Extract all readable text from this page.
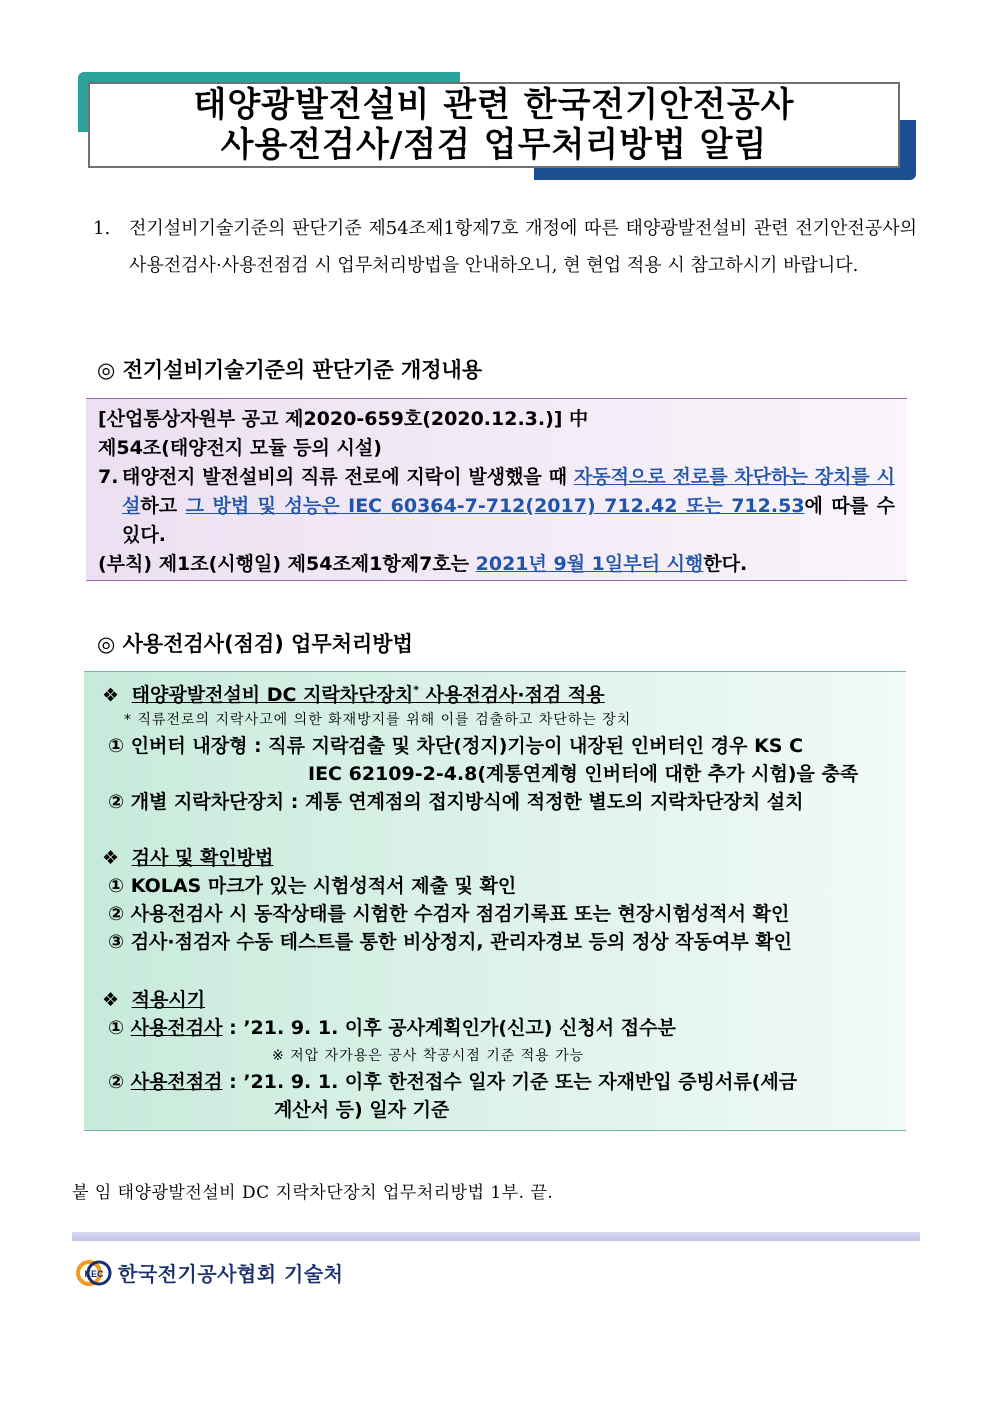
태양광발전설비 관련 한국전기안전공사
사용전검사/점검 업무처리방법 알림
1. 전기설비기술기준의 판단기준 제54조제1항제7호 개정에 따른 태양광발전설비 관련 전기안전공사의 사용전검사·사용전점검 시 업무처리방법을 안내하오니, 현 현업 적용 시 참고하시기 바랍니다.
◎ 전기설비기술기준의 판단기준 개정내용
[산업통상자원부 공고 제2020-659호(2020.12.3.)] 中
제54조(태양전지 모듈 등의 시설)
7. 태양전지 발전설비의 직류 전로에 지락이 발생했을 때 자동적으로 전로를 차단하는 장치를 시설하고 그 방법 및 성능은 IEC 60364-7-712(2017) 712.42 또는 712.53에 따를 수 있다.
(부칙) 제1조(시행일) 제54조제1항제7호는 2021년 9월 1일부터 시행한다.
◎ 사용전검사(점검) 업무처리방법
❖ 태양광발전설비 DC 지락차단장치* 사용전검사·점검 적용
* 직류전로의 지락사고에 의한 화재방지를 위해 이를 검출하고 차단하는 장치
① 인버터 내장형 : 직류 지락검출 및 차단(정지)기능이 내장된 인버터인 경우 KS C
IEC 62109-2-4.8(계통연계형 인버터에 대한 추가 시험)을 충족
② 개별 지락차단장치 : 계통 연계점의 접지방식에 적정한 별도의 지락차단장치 설치
❖ 검사 및 확인방법
① KOLAS 마크가 있는 시험성적서 제출 및 확인
② 사용전검사 시 동작상태를 시험한 수검자 점검기록표 또는 현장시험성적서 확인
③ 검사·점검자 수동 테스트를 통한 비상정지, 관리자경보 등의 정상 작동여부 확인
❖ 적용시기
① 사용전검사 : ’21. 9. 1. 이후 공사계획인가(신고) 신청서 접수분
※ 저압 자가용은 공사 착공시점 기준 적용 가능
② 사용전점검 : ’21. 9. 1. 이후 한전접수 일자 기준 또는 자재반입 증빙서류(세금
계산서 등) 일자 기준
붙 임 태양광발전설비 DC 지락차단장치 업무처리방법 1부. 끝.
KEC 한국전기공사협회 기술처
